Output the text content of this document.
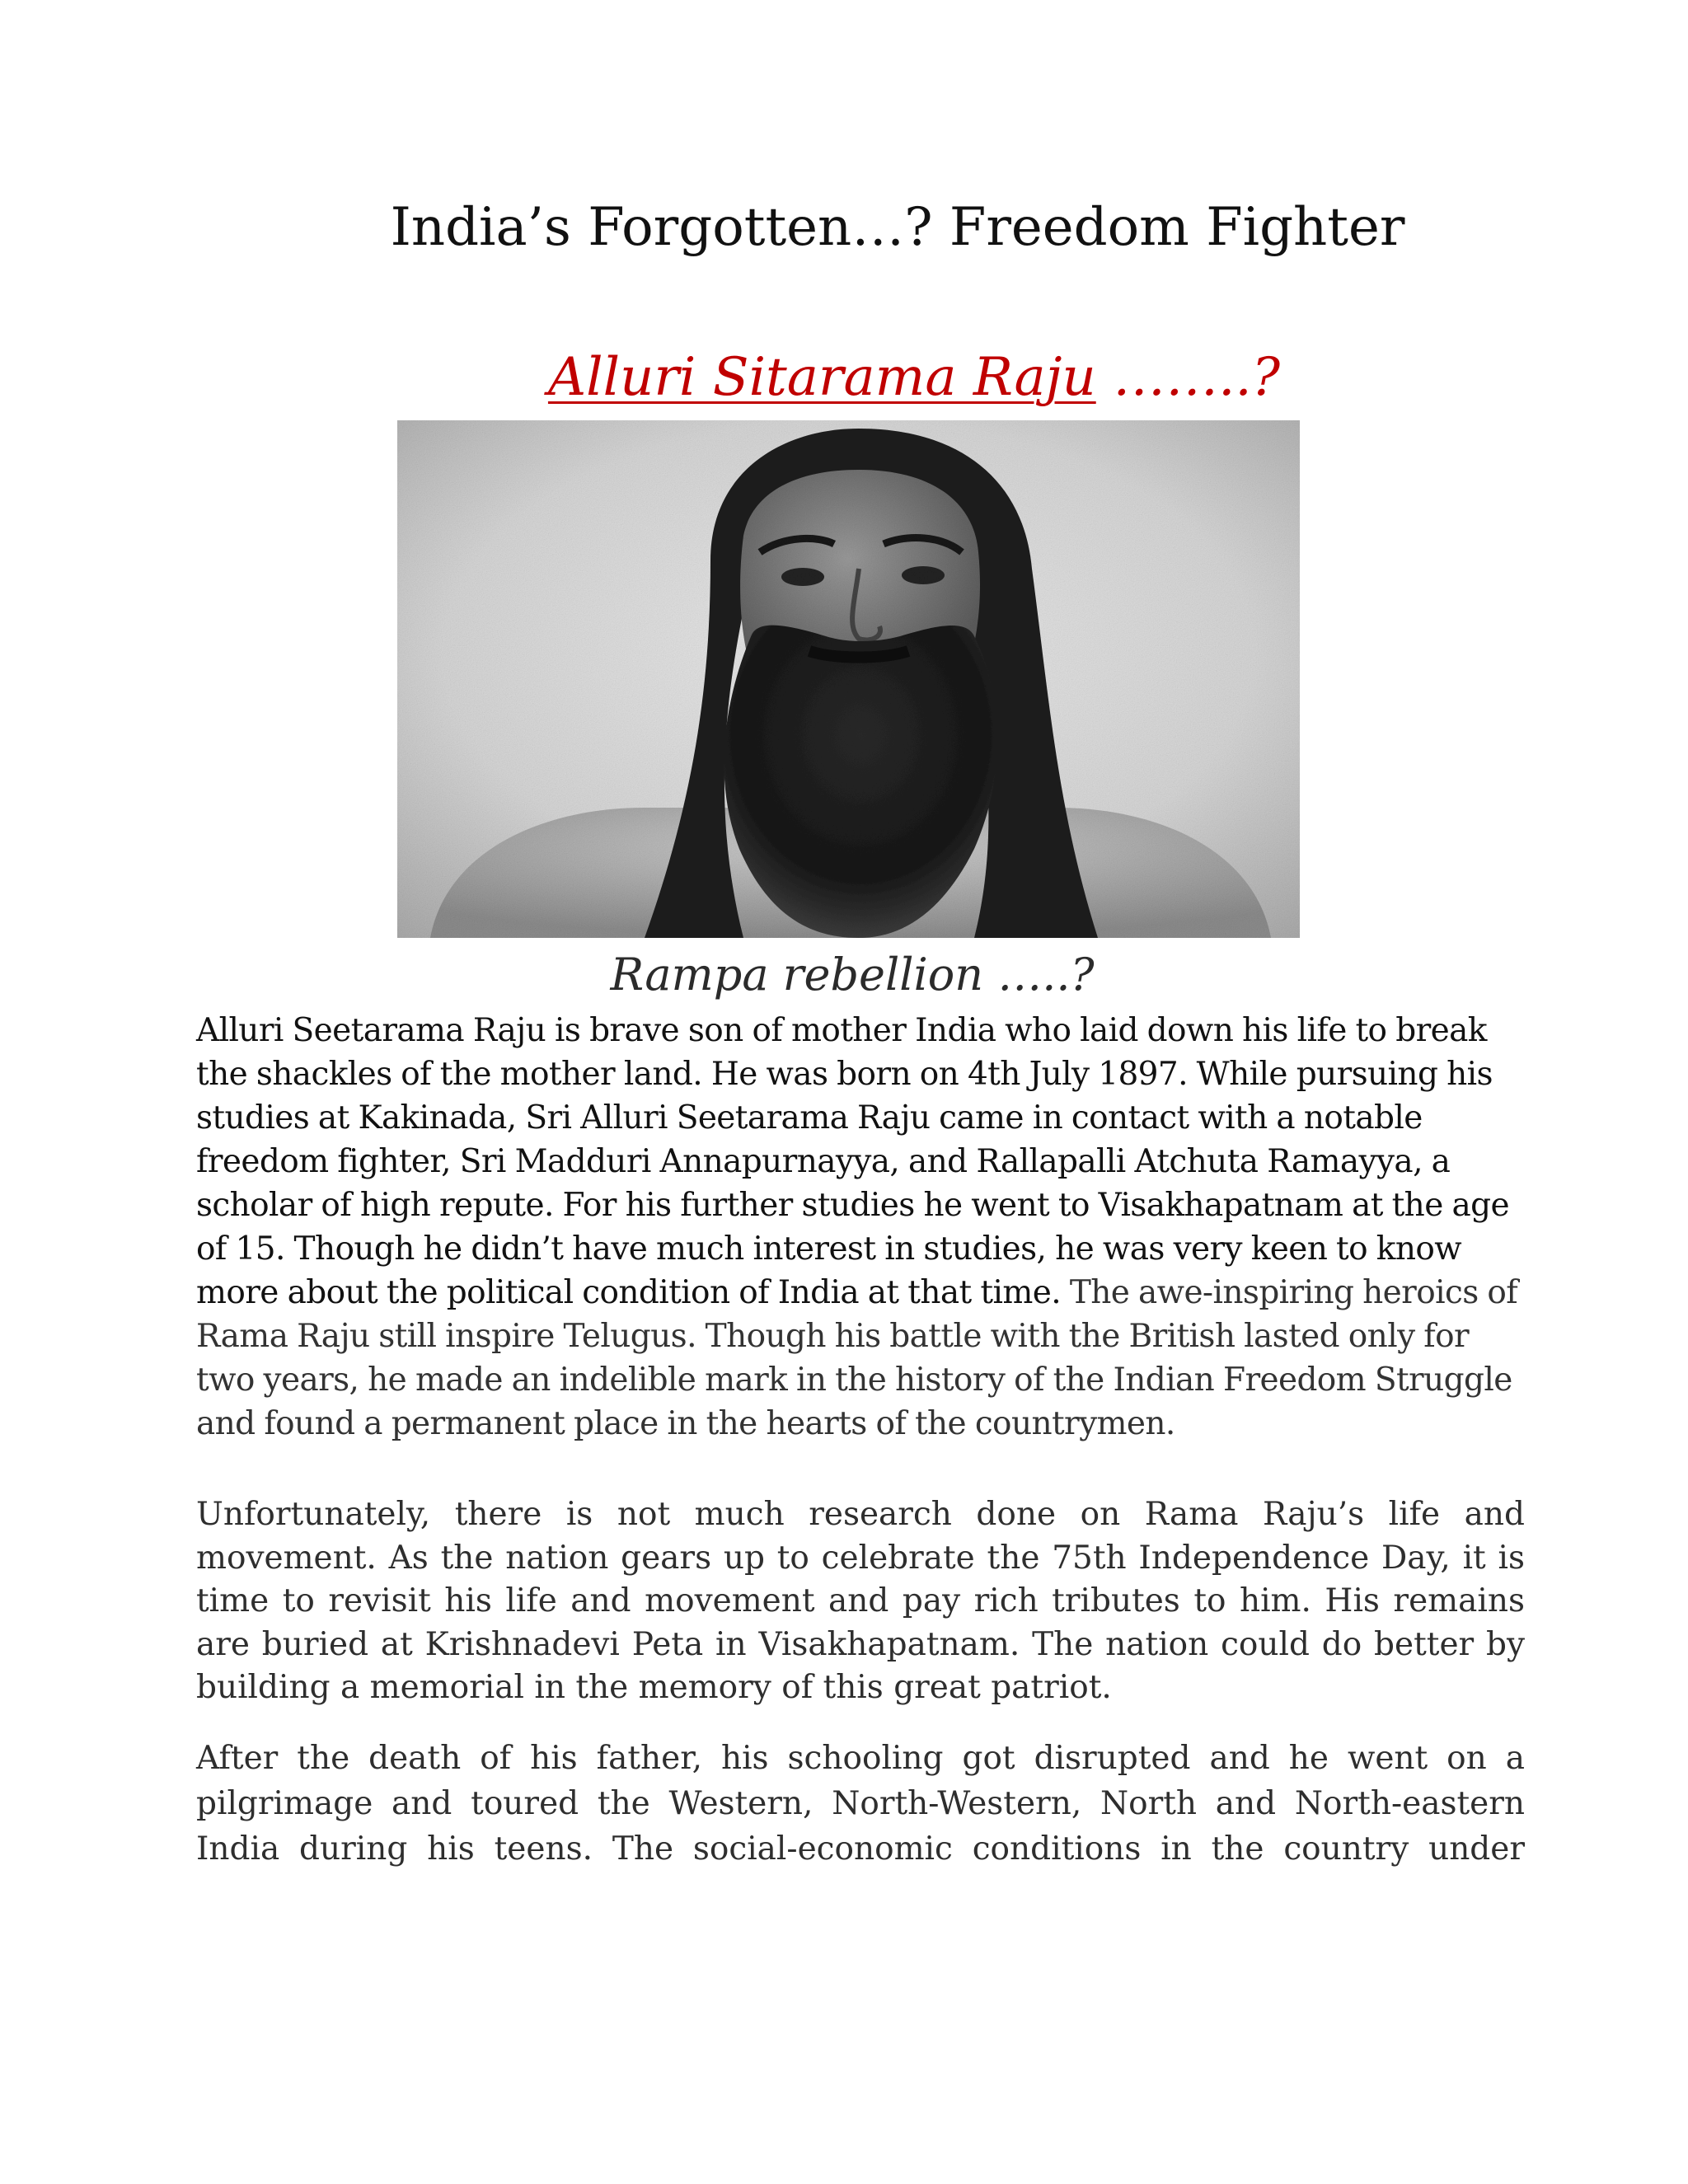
India’s Forgotten…? Freedom Fighter
Alluri Sitarama Raju ……..?
Rampa rebellion …..?

Alluri Seetarama Raju is brave son of mother India who laid down his life to break the shackles of the mother land. He was born on 4th July 1897. While pursuing his studies at Kakinada, Sri Alluri Seetarama Raju came in contact with a notable freedom fighter, Sri Madduri Annapurnayya, and Rallapalli Atchuta Ramayya, a scholar of high repute. For his further studies he went to Visakhapatnam at the age of 15. Though he didn’t have much interest in studies, he was very keen to know more about the political condition of India at that time. The awe-inspiring heroics of Rama Raju still inspire Telugus. Though his battle with the British lasted only for two years, he made an indelible mark in the history of the Indian Freedom Struggle and found a permanent place in the hearts of the countrymen.

Unfortunately, there is not much research done on Rama Raju’s life and movement. As the nation gears up to celebrate the 75th Independence Day, it is time to revisit his life and movement and pay rich tributes to him. His remains are buried at Krishnadevi Peta in Visakhapatnam. The nation could do better by building a memorial in the memory of this great patriot.

After the death of his father, his schooling got disrupted and he went on a pilgrimage and toured the Western, North-Western, North and North-eastern India during his teens. The social-economic conditions in the country under
